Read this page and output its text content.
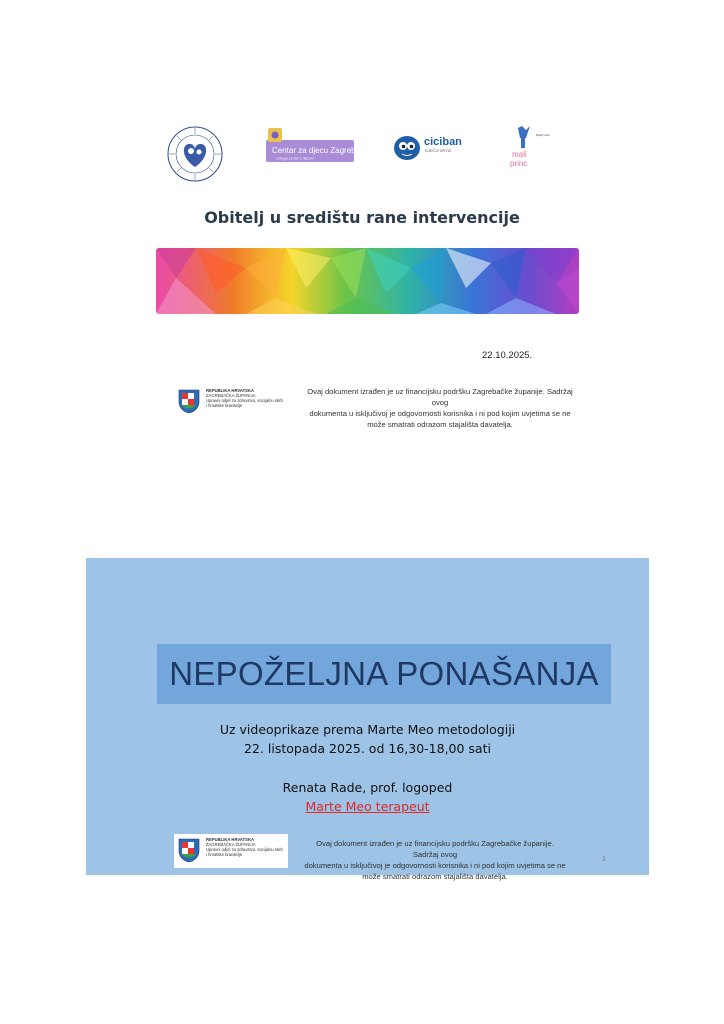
Centar za djecu Zagreb
Udruga za rad s djecom
ciciban
DJEČJI VRTIĆ	mali
princ
Dječji vrtić
Obitelj u središtu rane intervencije
22.10.2025.
REPUBLIKA HRVATSKA
ZAGREBAČKA ŽUPANIJA
Upravni odjel za zdravstvo, socijalnu skrb
i hrvatske branitelje
Ovaj dokument izrađen je uz financijsku podršku Zagrebačke županije. Sadržaj ovog
dokumenta u isključivoj je odgovornosti korisnika i ni pod kojim uvjetima se ne
može smatrati odrazom stajališta davatelja.
NEPOŽELJNA PONAŠANJA
Uz videoprikaze prema Marte Meo metodologiji
22. listopada 2025. od 16,30-18,00 sati
Renata Rade, prof. logoped
Marte Meo terapeut
REPUBLIKA HRVATSKA
ZAGREBAČKA ŽUPANIJA
Upravni odjel za zdravstvo, socijalnu skrb
i hrvatske branitelje
Ovaj dokument izrađen je uz financijsku podršku Zagrebačke županije. Sadržaj ovog
dokumenta u isključivoj je odgovornosti korisnika i ni pod kojim uvjetima se ne
može smatrati odrazom stajališta davatelja.
2
